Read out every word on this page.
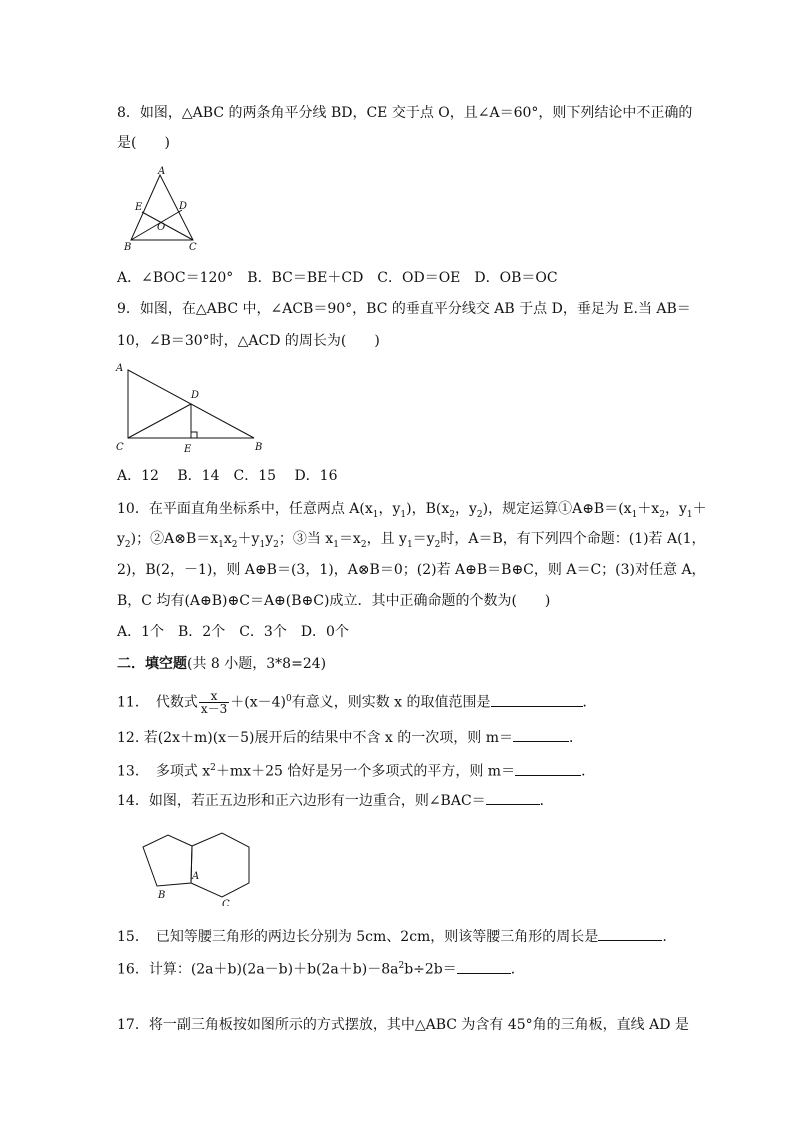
8．如图，△ABC 的两条角平分线 BD，CE 交于点 O，且∠A＝60°，则下列结论中不正确的
是(　　)
A
B	C
D
E
O
A．∠BOC＝120°　B．BC＝BE＋CD　C．OD＝OE　D．OB＝OC
9．如图，在△ABC 中，∠ACB＝90°，BC 的垂直平分线交 AB 于点 D，垂足为 E.当 AB＝
10，∠B＝30°时，△ACD 的周长为(　　)
A
D
C	E	B
A．12　 B．14　C．15　 D．16
10．在平面直角坐标系中，任意两点 $A(x_1$，$y_1$)，$B(x_2$，$y_2$)，规定运算$①A\oplus B=(x_1+x_2$，$y_1+$
$y_2$)；$②A\otimes B=x_1x_2+y_1y_2$；③当 $x_1=x_2$，且 $y_1=y_2$时，A＝B，有下列四个命题：(1)若 A(1，
2)，B(2，－1)，则 A⊕B＝(3，1)，A⊗B＝0；(2)若 A⊕B＝B⊕C，则 A＝C；(3)对任意 A，
B，C 均有(A⊕B)⊕C＝A⊕(B⊕C)成立．其中正确命题的个数为(　　)
A．1个　B．2个　C．3个　D．0个
二．填空题(共 8 小题，3*8=24)
11．　代数式 $\frac{x}{x-3} +(x-4)^0$有意义，则实数 x 的取值范围是	．
12. 若(2x＋m)(x－5)展开后的结果中不含 x 的一次项，则 m＝	．
13．　多项式 $x^2+mx+25$ 恰好是另一个多项式的平方，则 m＝	．
14．如图，若正五边形和正六边形有一边重合，则∠BAC＝	．
A
B
C
15．　已知等腰三角形的两边长分别为 5cm、2cm，则该等腰三角形的周长是	.
16．计算：$(2a+b)(2a-b)+b(2a+b)-8a^2b\div 2b=$	．
17．将一副三角板按如图所示的方式摆放，其中△ABC 为含有 45°角的三角板，直线 AD 是
